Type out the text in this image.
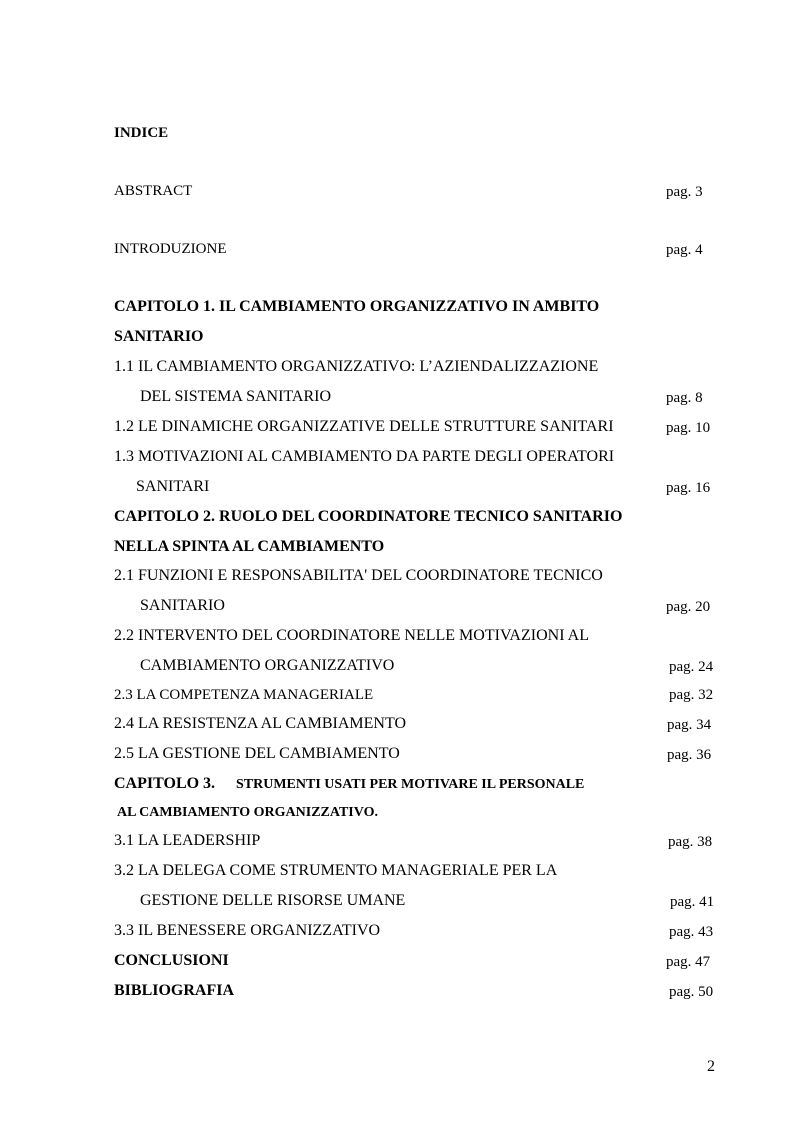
INDICE
ABSTRACT	pag. 3
INTRODUZIONE	pag. 4
CAPITOLO 1. IL CAMBIAMENTO ORGANIZZATIVO IN AMBITO
SANITARIO
1.1 IL CAMBIAMENTO ORGANIZZATIVO: L’AZIENDALIZZAZIONE
DEL SISTEMA SANITARIO	pag. 8
1.2 LE DINAMICHE ORGANIZZATIVE DELLE STRUTTURE SANITARI	pag. 10
1.3 MOTIVAZIONI AL CAMBIAMENTO DA PARTE DEGLI OPERATORI
SANITARI	pag. 16
CAPITOLO 2. RUOLO DEL COORDINATORE TECNICO SANITARIO
NELLA SPINTA AL CAMBIAMENTO
2.1 FUNZIONI E RESPONSABILITA' DEL COORDINATORE TECNICO
SANITARIO	pag. 20
2.2 INTERVENTO DEL COORDINATORE NELLE MOTIVAZIONI AL
CAMBIAMENTO ORGANIZZATIVO	pag. 24
2.3 LA COMPETENZA MANAGERIALE	pag. 32
2.4 LA RESISTENZA AL CAMBIAMENTO	pag. 34
2.5 LA GESTIONE DEL CAMBIAMENTO	pag. 36
CAPITOLO 3. STRUMENTI USATI PER MOTIVARE IL PERSONALE
AL CAMBIAMENTO ORGANIZZATIVO.
3.1 LA LEADERSHIP	pag. 38
3.2 LA DELEGA COME STRUMENTO MANAGERIALE PER LA
GESTIONE DELLE RISORSE UMANE	pag. 41
3.3 IL BENESSERE ORGANIZZATIVO	pag. 43
CONCLUSIONI	pag. 47
BIBLIOGRAFIA	pag. 50
2
